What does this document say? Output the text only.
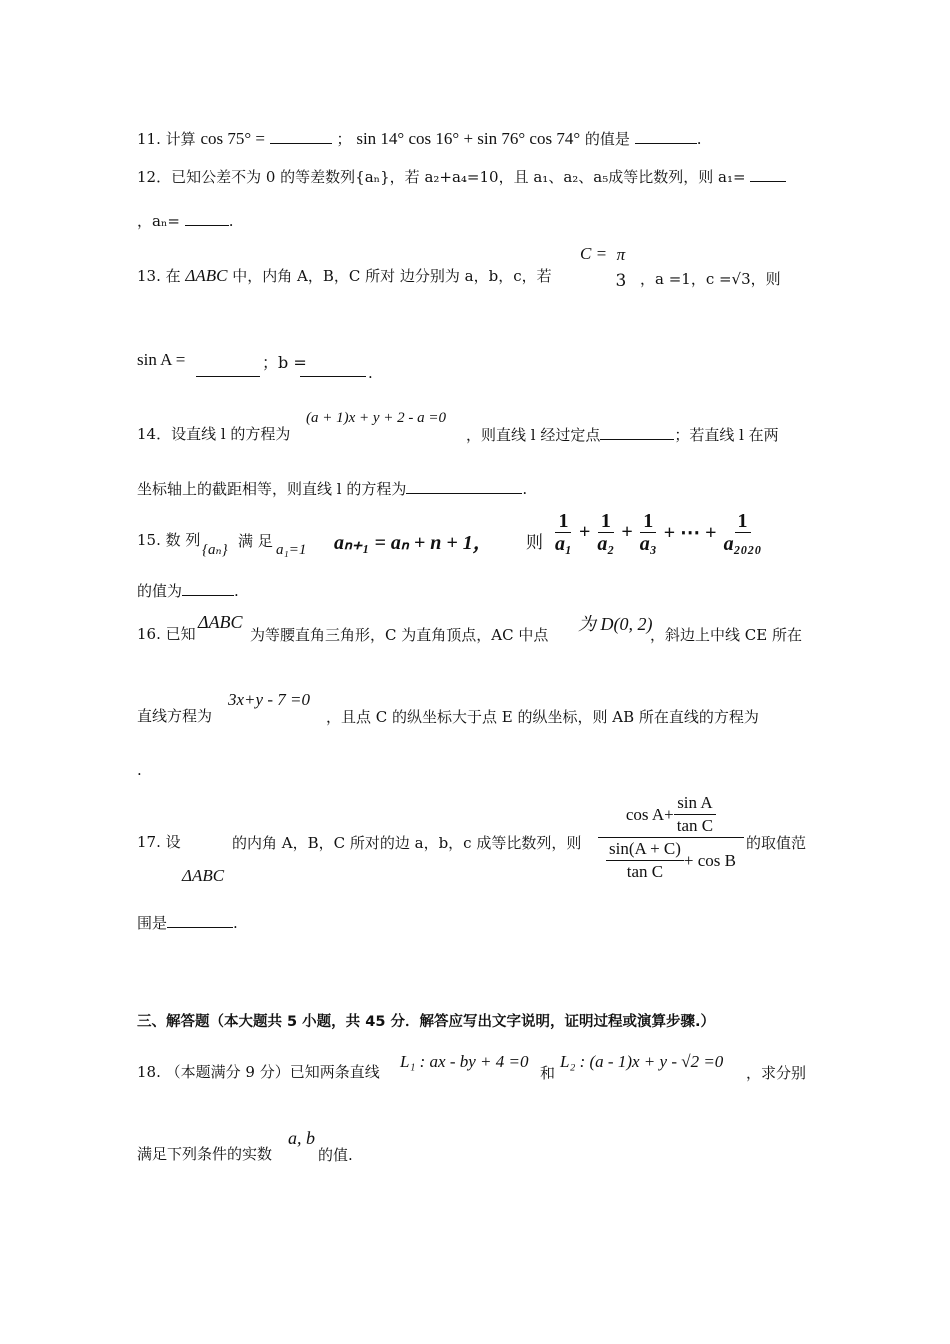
11. 计算 cos 75° =	； sin 14° cos 16° + sin 76° cos 74° 的值是	.
12．已知公差不为 0 的等差数列{aₙ}，若 a₂+a₄=10，且 a₁、a₂、a₅成等比数列，则 a₁=
，aₙ=	.
13. 在 ΔABC 中，内角 A，B，C 所对 边分别为 a，b，c，若
C = π
3 ，a =1，c =√3，则
sin A =	；b =
.
14．设直线 l 的方程为
(a + 1)x + y + 2 - a =0
，则直线 l 经过定点	；若直线 l 在两
坐标轴上的截距相等，则直线 l 的方程为	.
15. 数 列
{aₙ} 满 足 a₁=1 aₙ₊₁ = aₙ + n + 1， 则 $\frac{1}{\text{a₁}} + \frac{1}{\text{a₂}} + \frac{1}{\text{a₃}}$ + ⋯ + $\frac{1}{\text{a₂₀₂₀}}$
的值为	.
16. 已知
ΔABC
为等腰直角三角形，C 为直角顶点，AC 中点
为 D(0, 2)
，斜边上中线 CE 所在
直线方程为
3x+y - 7 =0
，且点 C 的纵坐标大于点 E 的纵坐标，则 AB 所在直线的方程为
.
17. 设	的内角 A，B，C 所对的边 a，b，c 成等比数列，则
ΔABC
$\cos A+ \frac{\text{sin A}}{\text{tan C}}$
$\frac{\sin(A + C)}{\text{tan C}} + \cos B$
的取值范
围是	.
三、解答题（本大题共 5 小题，共 45 分．解答应写出文字说明，证明过程或演算步骤.）
18. （本题满分 9 分）已知两条直线
L₁ : ax - by + 4 =0
和
L₂ : (a - 1)x + y - √2 =0
，求分别
满足下列条件的实数
a, b
的值.
